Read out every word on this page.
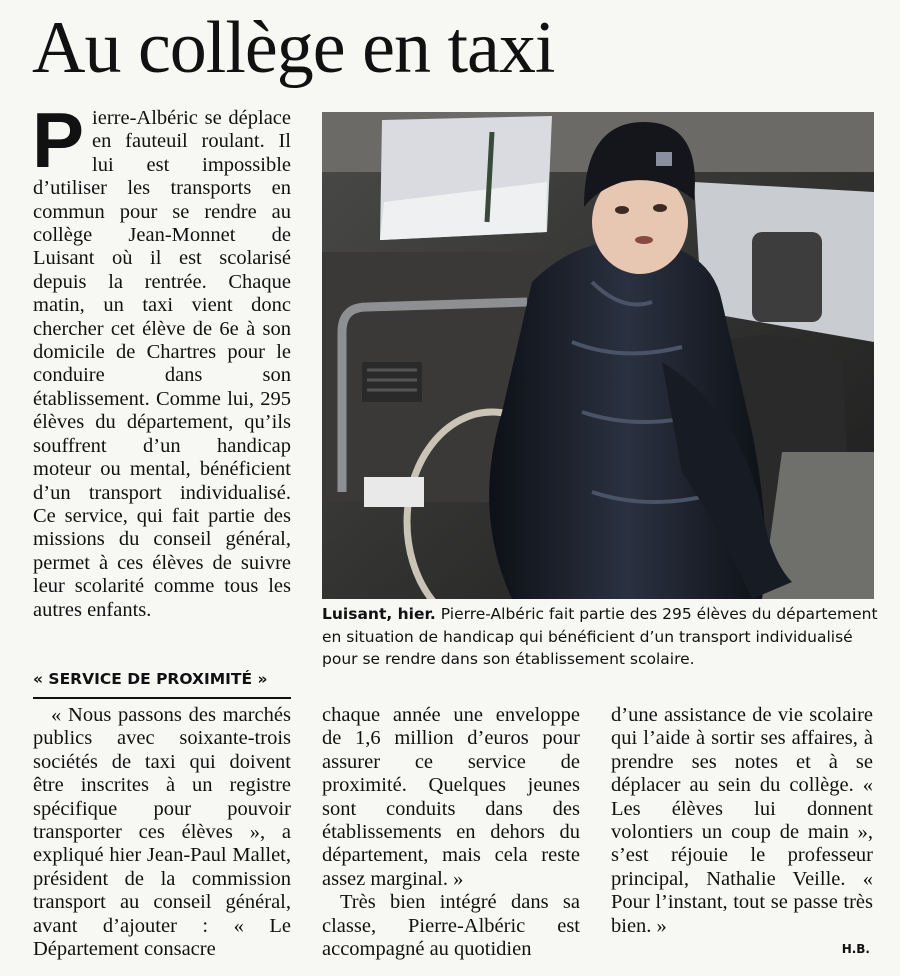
Au collège en taxi
P ierre-Albéric se déplace en fauteuil roulant. Il lui est impossible d’utiliser les transports en commun pour se rendre au collège Jean-Monnet de Luisant où il est scolarisé depuis la rentrée. Chaque matin, un taxi vient donc chercher cet élève de 6e à son domicile de Chartres pour le conduire dans son établissement. Comme lui, 295 élèves du département, qu’ils souffrent d’un handicap moteur ou mental, bénéficient d’un transport individualisé. Ce service, qui fait partie des missions du conseil général, permet à ces élèves de suivre leur scolarité comme tous les autres enfants.	Luisant, hier. Pierre-Albéric fait partie des 295 élèves du département en situation de handicap qui bénéficient d’un transport individualisé pour se rendre dans son établissement scolaire.
« SERVICE DE PROXIMITÉ »

« Nous passons des marchés publics avec soixante-trois sociétés de taxi qui doivent être inscrites à un registre spécifique pour pouvoir transporter ces élèves », a expliqué hier Jean-Paul Mallet, président de la commission transport au conseil général, avant d’ajouter : « Le Département consacre

chaque année une enveloppe de 1,6 million d’euros pour assurer ce service de proximité. Quelques jeunes sont conduits dans des établissements en dehors du département, mais cela reste assez marginal. »

Très bien intégré dans sa classe, Pierre-Albéric est accompagné au quotidien

d’une assistance de vie scolaire qui l’aide à sortir ses affaires, à prendre ses notes et à se déplacer au sein du collège. « Les élèves lui donnent volontiers un coup de main », s’est réjouie le professeur principal, Nathalie Veille. « Pour l’instant, tout se passe très bien. »

H.B.
